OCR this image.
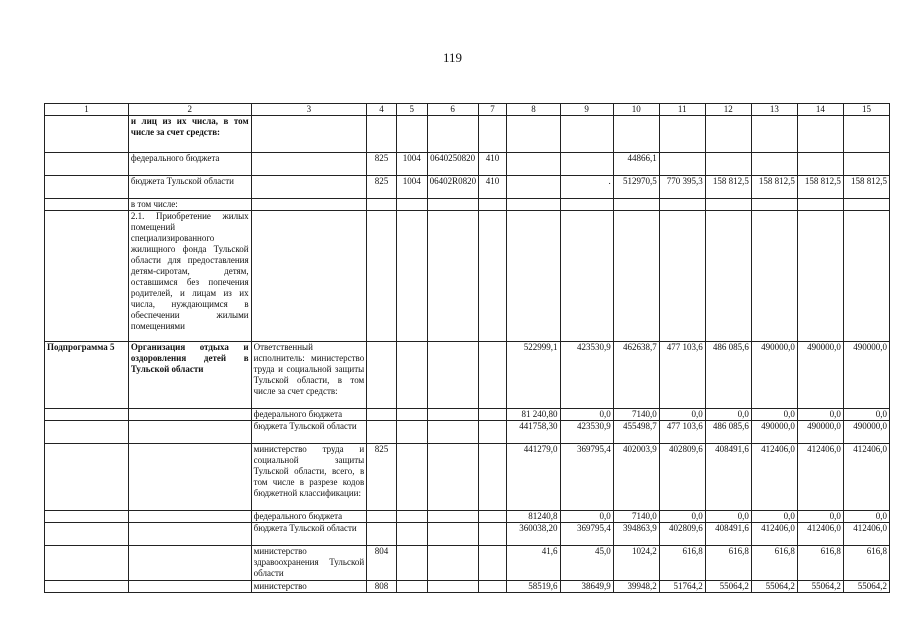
119
1	2	3	4	5	6	7	8	9	10	11	12	13	14	15
	и лиц из их числа, в том числе за счет средств:													
	федерального бюджета		825	1004	0640250820	410			44866,1					
	бюджета Тульской области		825	1004	06402R0820	410		.	512970,5	770 395,3	158 812,5	158 812,5	158 812,5	158 812,5
	в том числе:													
	2.1. Приобретение жилых помещений специализированного жилищного фонда Тульской области для предоставления детям-сиротам, детям, оставшимся без попечения родителей, и лицам из их числа, нуждающимся в обеспечении жилыми помещениями													
Подпрограмма 5	Организация отдыха и оздоровления детей в Тульской области	Ответственный исполнитель: министерство труда и социальной защиты Тульской области, в том числе за счет средств:					522999,1	423530,9	462638,7	477 103,6	486 085,6	490000,0	490000,0	490000,0
		федерального бюджета					81 240,80	0,0	7140,0	0,0	0,0	0,0	0,0	0,0
		бюджета Тульской области					441758,30	423530,9	455498,7	477 103,6	486 085,6	490000,0	490000,0	490000,0
		министерство труда и социальной защиты Тульской области, всего, в том числе в разрезе кодов бюджетной классификации:	825				441279,0	369795,4	402003,9	402809,6	408491,6	412406,0	412406,0	412406,0
		федерального бюджета					81240,8	0,0	7140,0	0,0	0,0	0,0	0,0	0,0
		бюджета Тульской области					360038,20	369795,4	394863,9	402809,6	408491,6	412406,0	412406,0	412406,0
		министерство здравоохранения Тульской области	804				41,6	45,0	1024,2	616,8	616,8	616,8	616,8	616,8
		министерство	808				58519,6	38649,9	39948,2	51764,2	55064,2	55064,2	55064,2	55064,2
